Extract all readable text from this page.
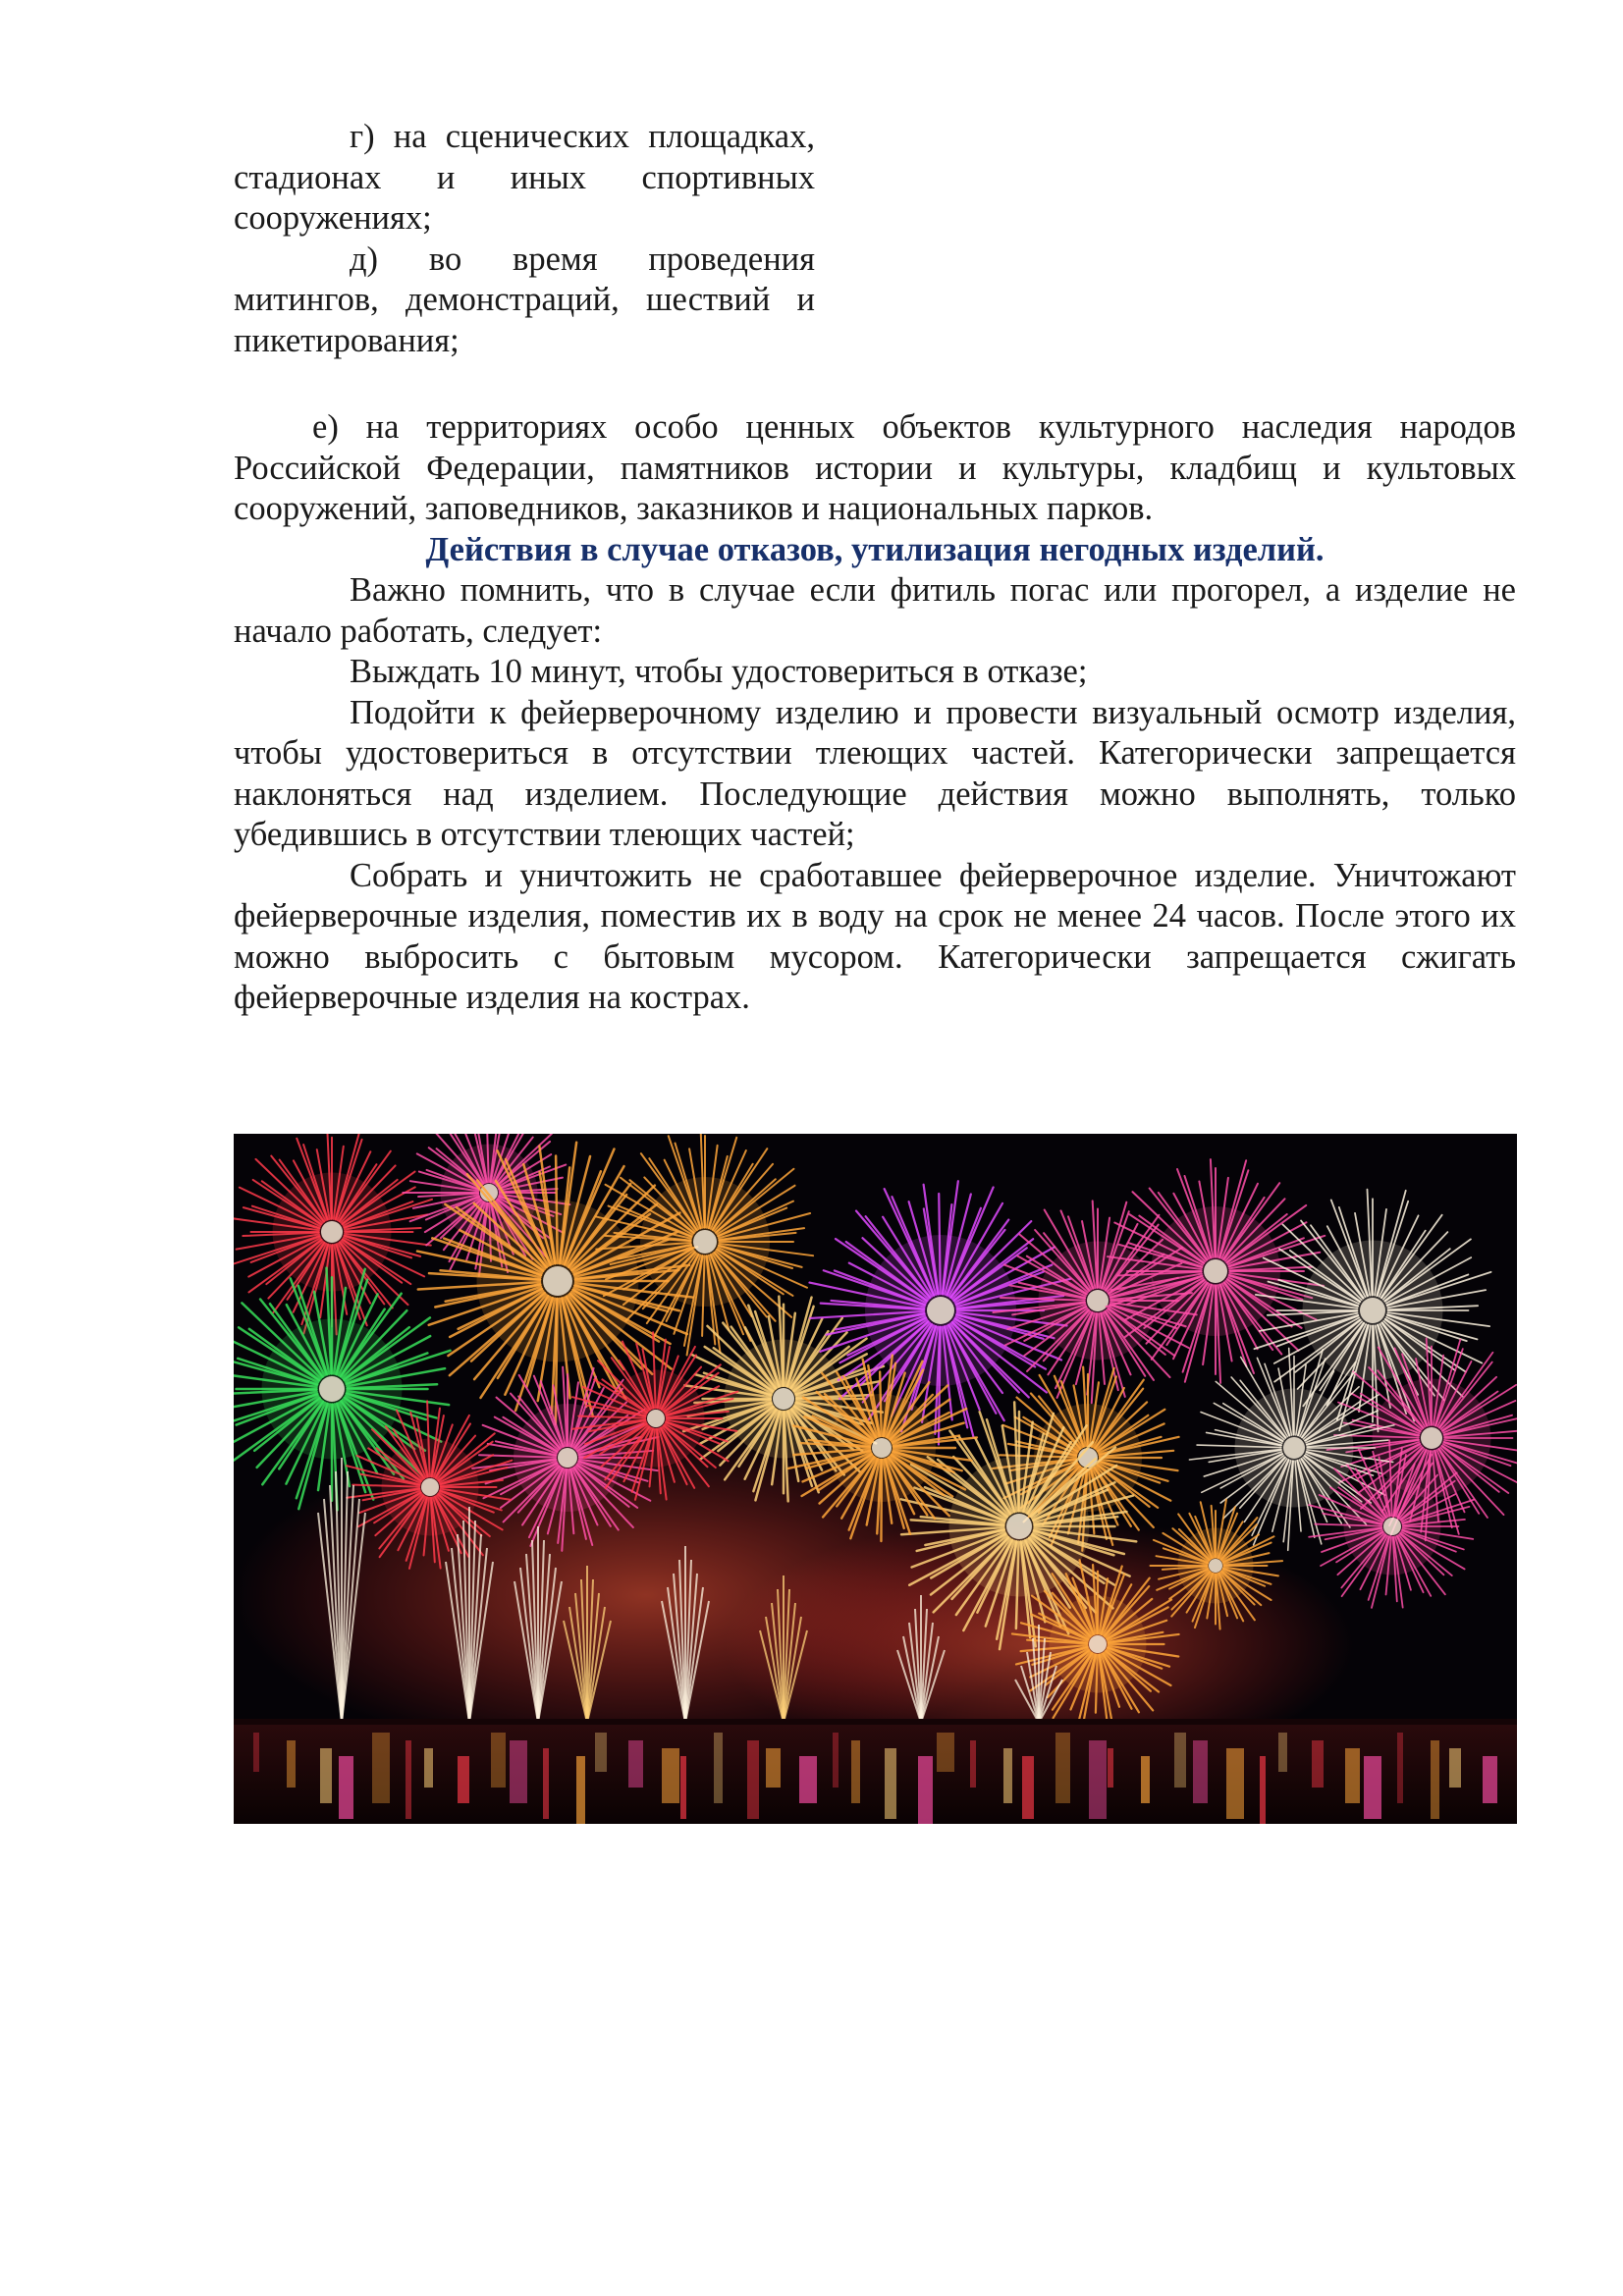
г) на сценических площадках, стадионах и иных спортивных сооружениях;

д) во время проведения митингов, демонстраций, шествий и пикетирования;

е) на территориях особо ценных объектов культурного наследия народов Российской Федерации, памятников истории и культуры, кладбищ и культовых сооружений, заповедников, заказников и национальных парков.

Действия в случае отказов, утилизация негодных изделий.

Важно помнить, что в случае если фитиль погас или прогорел, а изделие не начало работать, следует:

Выждать 10 минут, чтобы удостовериться в отказе;

Подойти к фейерверочному изделию и провести визуальный осмотр изделия, чтобы удостовериться в отсутствии тлеющих частей. Категорически запрещается наклоняться над изделием. Последующие действия можно выполнять, только убедившись в отсутствии тлеющих частей;

Собрать и уничтожить не сработавшее фейерверочное изделие. Уничтожают фейерверочные изделия, поместив их в воду на срок не менее 24 часов. После этого их можно выбросить с бытовым мусором. Категорически запрещается сжигать фейерверочные изделия на кострах.
